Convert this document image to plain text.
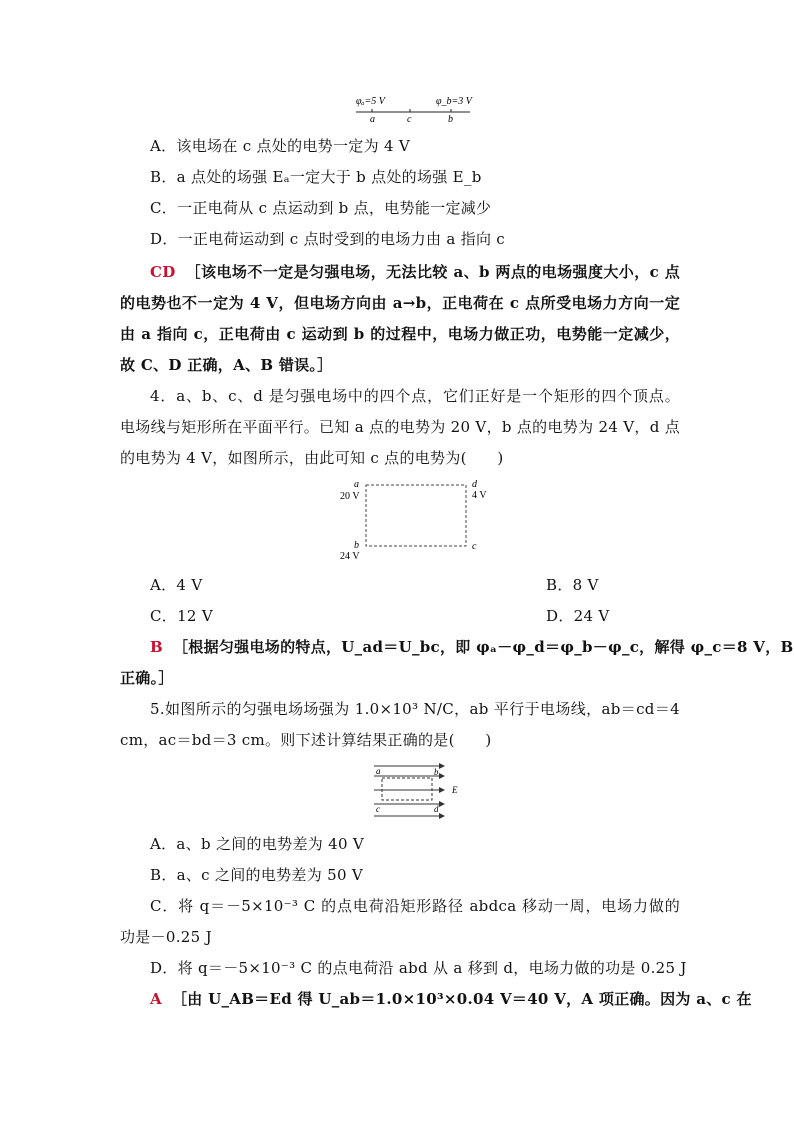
φₐ=5 V	φ_b=3 V
a	c	b
A．该电场在 c 点处的电势一定为 4 V
B．a 点处的场强 Eₐ一定大于 b 点处的场强 E_b
C．一正电荷从 c 点运动到 b 点，电势能一定减少
D．一正电荷运动到 c 点时受到的电场力由 a 指向 c
CD ［该电场不一定是匀强电场，无法比较 a、b 两点的电场强度大小，c 点
的电势也不一定为 4 V，但电场方向由 a→b，正电荷在 c 点所受电场力方向一定
由 a 指向 c，正电荷由 c 运动到 b 的过程中，电场力做正功，电势能一定减少，
故 C、D 正确，A、B 错误。］
4．a、b、c、d 是匀强电场中的四个点，它们正好是一个矩形的四个顶点。
电场线与矩形所在平面平行。已知 a 点的电势为 20 V，b 点的电势为 24 V，d 点
的电势为 4 V，如图所示，由此可知 c 点的电势为(　　)
a
20 V
d
4 V
b
24 V
c
A．4 V	B．8 V
C．12 V	D．24 V
B ［根据匀强电场的特点，U_ad＝U_bc，即 φₐ－φ_d＝φ_b－φ_c，解得 φ_c＝8 V，B
正确。］
5.如图所示的匀强电场场强为 1.0×10³ N/C，ab 平行于电场线，ab＝cd＝4
cm，ac＝bd＝3 cm。则下述计算结果正确的是(　　)
a	b
c	d
E
A．a、b 之间的电势差为 40 V
B．a、c 之间的电势差为 50 V
C．将 q＝－5×10⁻³ C 的点电荷沿矩形路径 abdca 移动一周，电场力做的
功是－0.25 J
D．将 q＝－5×10⁻³ C 的点电荷沿 abd 从 a 移到 d，电场力做的功是 0.25 J
A ［由 U_AB＝Ed 得 U_ab＝1.0×10³×0.04 V＝40 V，A 项正确。因为 a、c 在
